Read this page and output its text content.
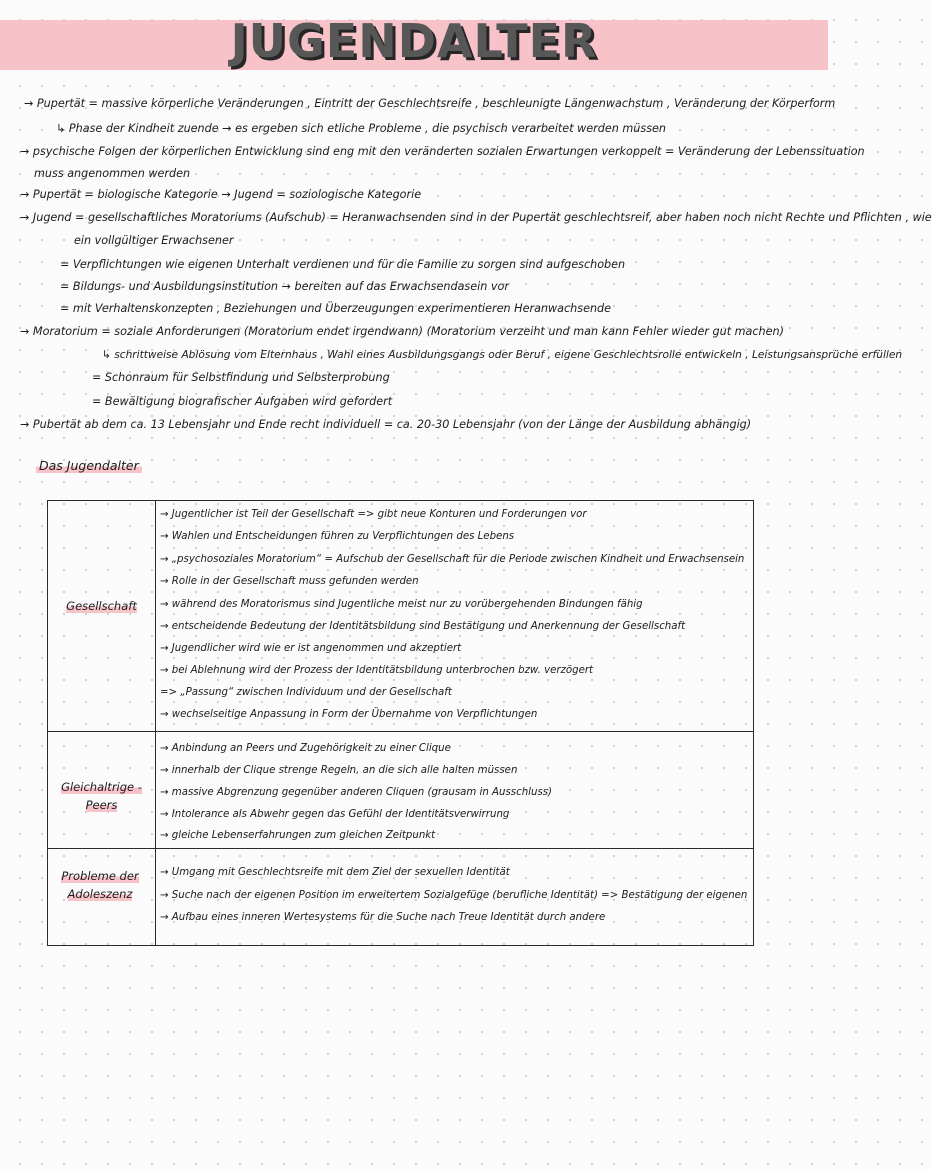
JUGENDALTER
→ Pupertät = massive körperliche Veränderungen , Eintritt der Geschlechtsreife , beschleunigte Längenwachstum , Veränderung der Körperform
↳ Phase der Kindheit zuende → es ergeben sich etliche Probleme , die psychisch verarbeitet werden müssen
→ psychische Folgen der körperlichen Entwicklung sind eng mit den veränderten sozialen Erwartungen verkoppelt = Veränderung der Lebenssituation
muss angenommen werden
→ Pupertät = biologische Kategorie → Jugend = soziologische Kategorie
→ Jugend = gesellschaftliches Moratoriums (Aufschub) = Heranwachsenden sind in der Pupertät geschlechtsreif, aber haben noch nicht Rechte und Pflichten , wie
ein vollgültiger Erwachsener
= Verpflichtungen wie eigenen Unterhalt verdienen und für die Familie zu sorgen sind aufgeschoben
= Bildungs- und Ausbildungsinstitution → bereiten auf das Erwachsendasein vor
= mit Verhaltenskonzepten , Beziehungen und Überzeugungen experimentieren Heranwachsende
→ Moratorium = soziale Anforderungen (Moratorium endet irgendwann) (Moratorium verzeiht und man kann Fehler wieder gut machen)
↳ schrittweise Ablösung vom Elternhaus , Wahl eines Ausbildungsgangs oder Beruf , eigene Geschlechtsrolle entwickeln , Leistungsansprüche erfüllen
= Schonraum für Selbstfindung und Selbsterprobung
= Bewältigung biografischer Aufgaben wird gefordert
→ Pubertät ab dem ca. 13 Lebensjahr und Ende recht individuell = ca. 20-30 Lebensjahr (von der Länge der Ausbildung abhängig)
Das Jugendalter
Gesellschaft
→ Jugentlicher ist Teil der Gesellschaft => gibt neue Konturen und Forderungen vor
→ Wahlen und Entscheidungen führen zu Verpflichtungen des Lebens
→ „psychosoziales Moratorium“ = Aufschub der Gesellschaft für die Periode zwischen Kindheit und Erwachsensein
→ Rolle in der Gesellschaft muss gefunden werden
→ während des Moratorismus sind Jugentliche meist nur zu vorübergehenden Bindungen fähig
→ entscheidende Bedeutung der Identitätsbildung sind Bestätigung und Anerkennung der Gesellschaft
→ Jugendlicher wird wie er ist angenommen und akzeptiert
→ bei Ablehnung wird der Prozess der Identitätsbildung unterbrochen bzw. verzögert
=> „Passung“ zwischen Individuum und der Gesellschaft
→ wechselseitige Anpassung in Form der Übernahme von Verpflichtungen
Gleichaltrige - Peers
→ Anbindung an Peers und Zugehörigkeit zu einer Clique
→ innerhalb der Clique strenge Regeln, an die sich alle halten müssen
→ massive Abgrenzung gegenüber anderen Cliquen (grausam in Ausschluss)
→ Intolerance als Abwehr gegen das Gefühl der Identitätsverwirrung
→ gleiche Lebenserfahrungen zum gleichen Zeitpunkt
Probleme der Adoleszenz
→ Umgang mit Geschlechtsreife mit dem Ziel der sexuellen Identität
→ Suche nach der eigenen Position im erweitertem Sozialgefüge (berufliche Identität) => Bestätigung der eigenen
→ Aufbau eines inneren Wertesystems für die Suche nach Treue Identität durch andere
